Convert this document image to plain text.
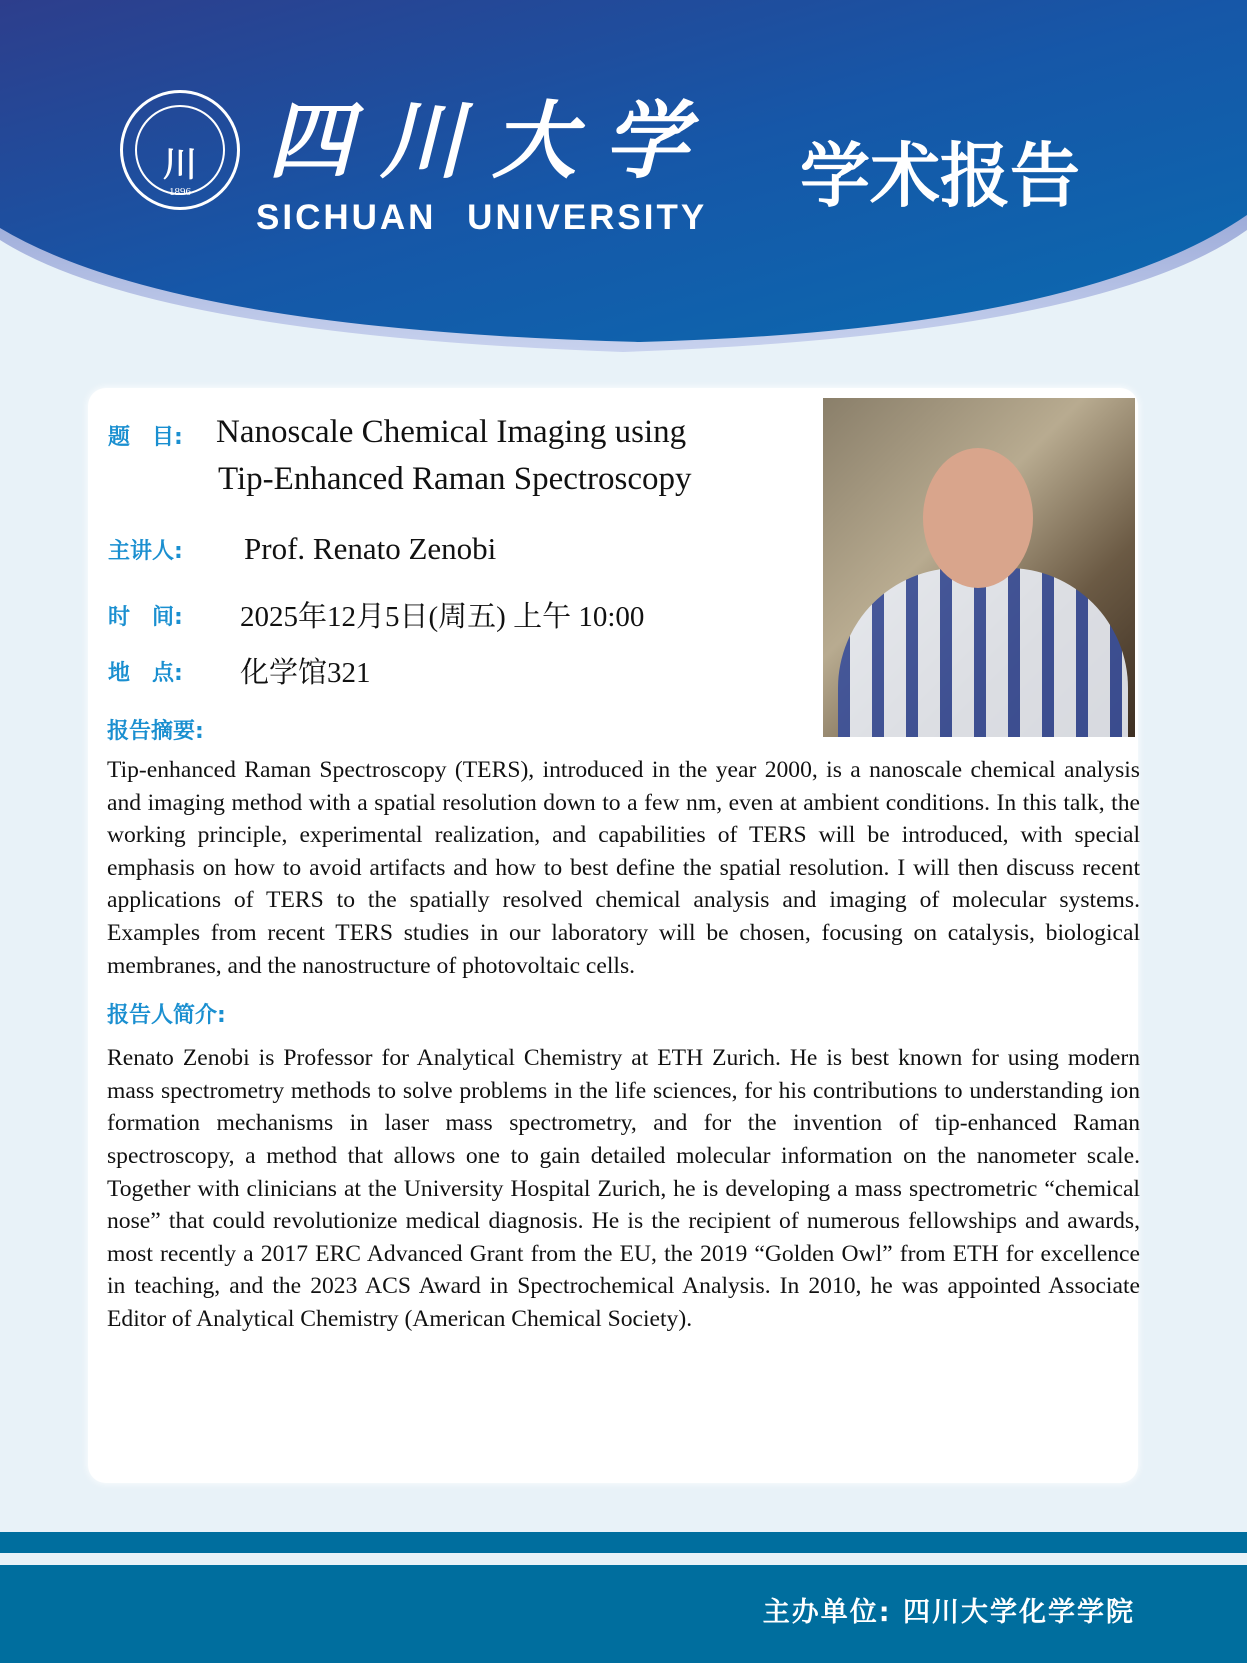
川
1896
四川大学
SICHUAN UNIVERSITY
学术报告
题　目: Nanoscale Chemical Imaging using
Tip-Enhanced Raman Spectroscopy
主讲人: Prof. Renato Zenobi
时　间: 2025年12月5日(周五) 上午 10:00
地　点: 化学馆321
报告摘要:
Tip-enhanced Raman Spectroscopy (TERS), introduced in the year 2000, is a nanoscale chemical analysis and imaging method with a spatial resolution down to a few nm, even at ambient conditions. In this talk, the working principle, experimental realization, and capabilities of TERS will be introduced, with special emphasis on how to avoid artifacts and how to best define the spatial resolution. I will then discuss recent applications of TERS to the spatially resolved chemical analysis and imaging of molecular systems. Examples from recent TERS studies in our laboratory will be chosen, focusing on catalysis, biological membranes, and the nanostructure of photovoltaic cells.
报告人简介:
Renato Zenobi is Professor for Analytical Chemistry at ETH Zurich. He is best known for using modern mass spectrometry methods to solve problems in the life sciences, for his contributions to understanding ion formation mechanisms in laser mass spectrometry, and for the invention of tip-enhanced Raman spectroscopy, a method that allows one to gain detailed molecular information on the nanometer scale. Together with clinicians at the University Hospital Zurich, he is developing a mass spectrometric “chemical nose” that could revolutionize medical diagnosis. He is the recipient of numerous fellowships and awards, most recently a 2017 ERC Advanced Grant from the EU, the 2019 “Golden Owl” from ETH for excellence in teaching, and the 2023 ACS Award in Spectrochemical Analysis. In 2010, he was appointed Associate Editor of Analytical Chemistry (American Chemical Society).
主办单位: 四川大学化学学院
